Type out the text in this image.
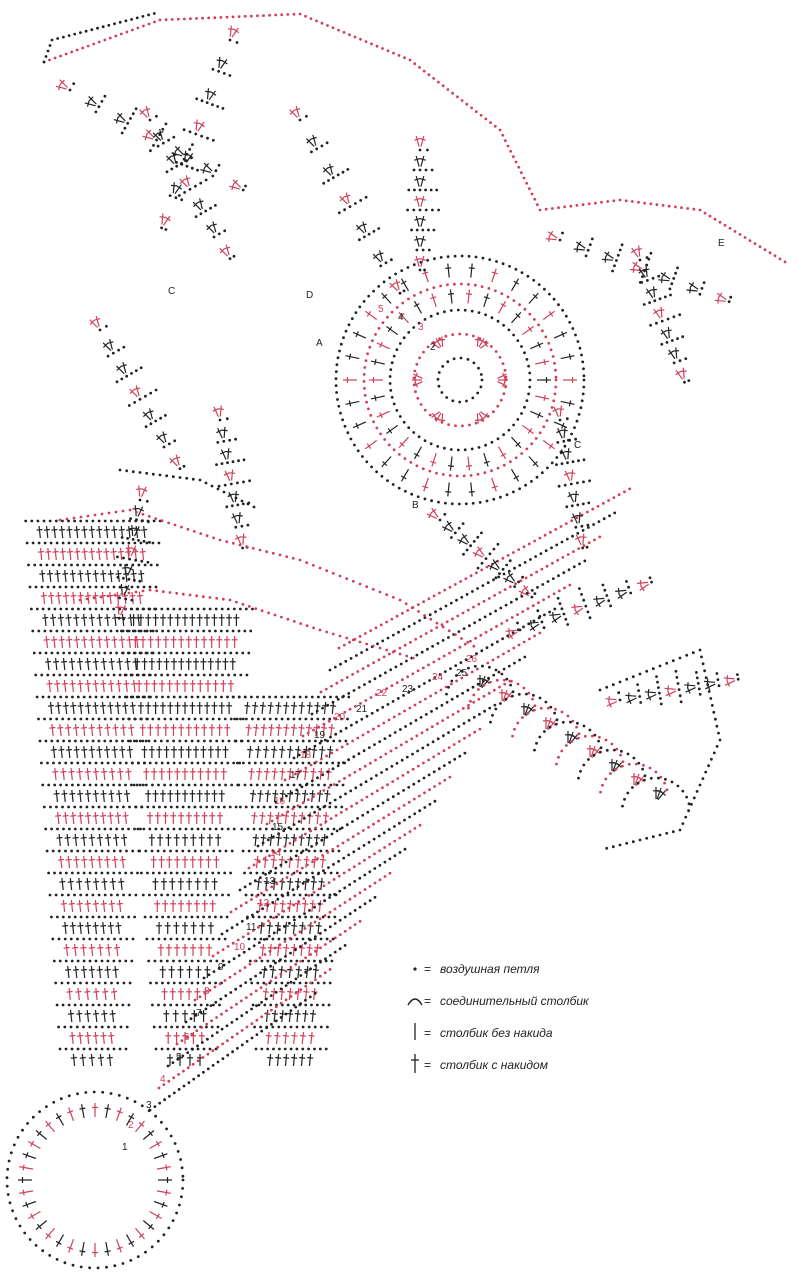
1
2
3
4
5
6
7
8
9
10
11
12
13
14
15
16
17
18
19
20
21
22 23
24 25
26
2
3
4
5
A
B
C	D
E
C
= воздушная петля
= соединительный столбик
= столбик без накида
= столбик с накидом
